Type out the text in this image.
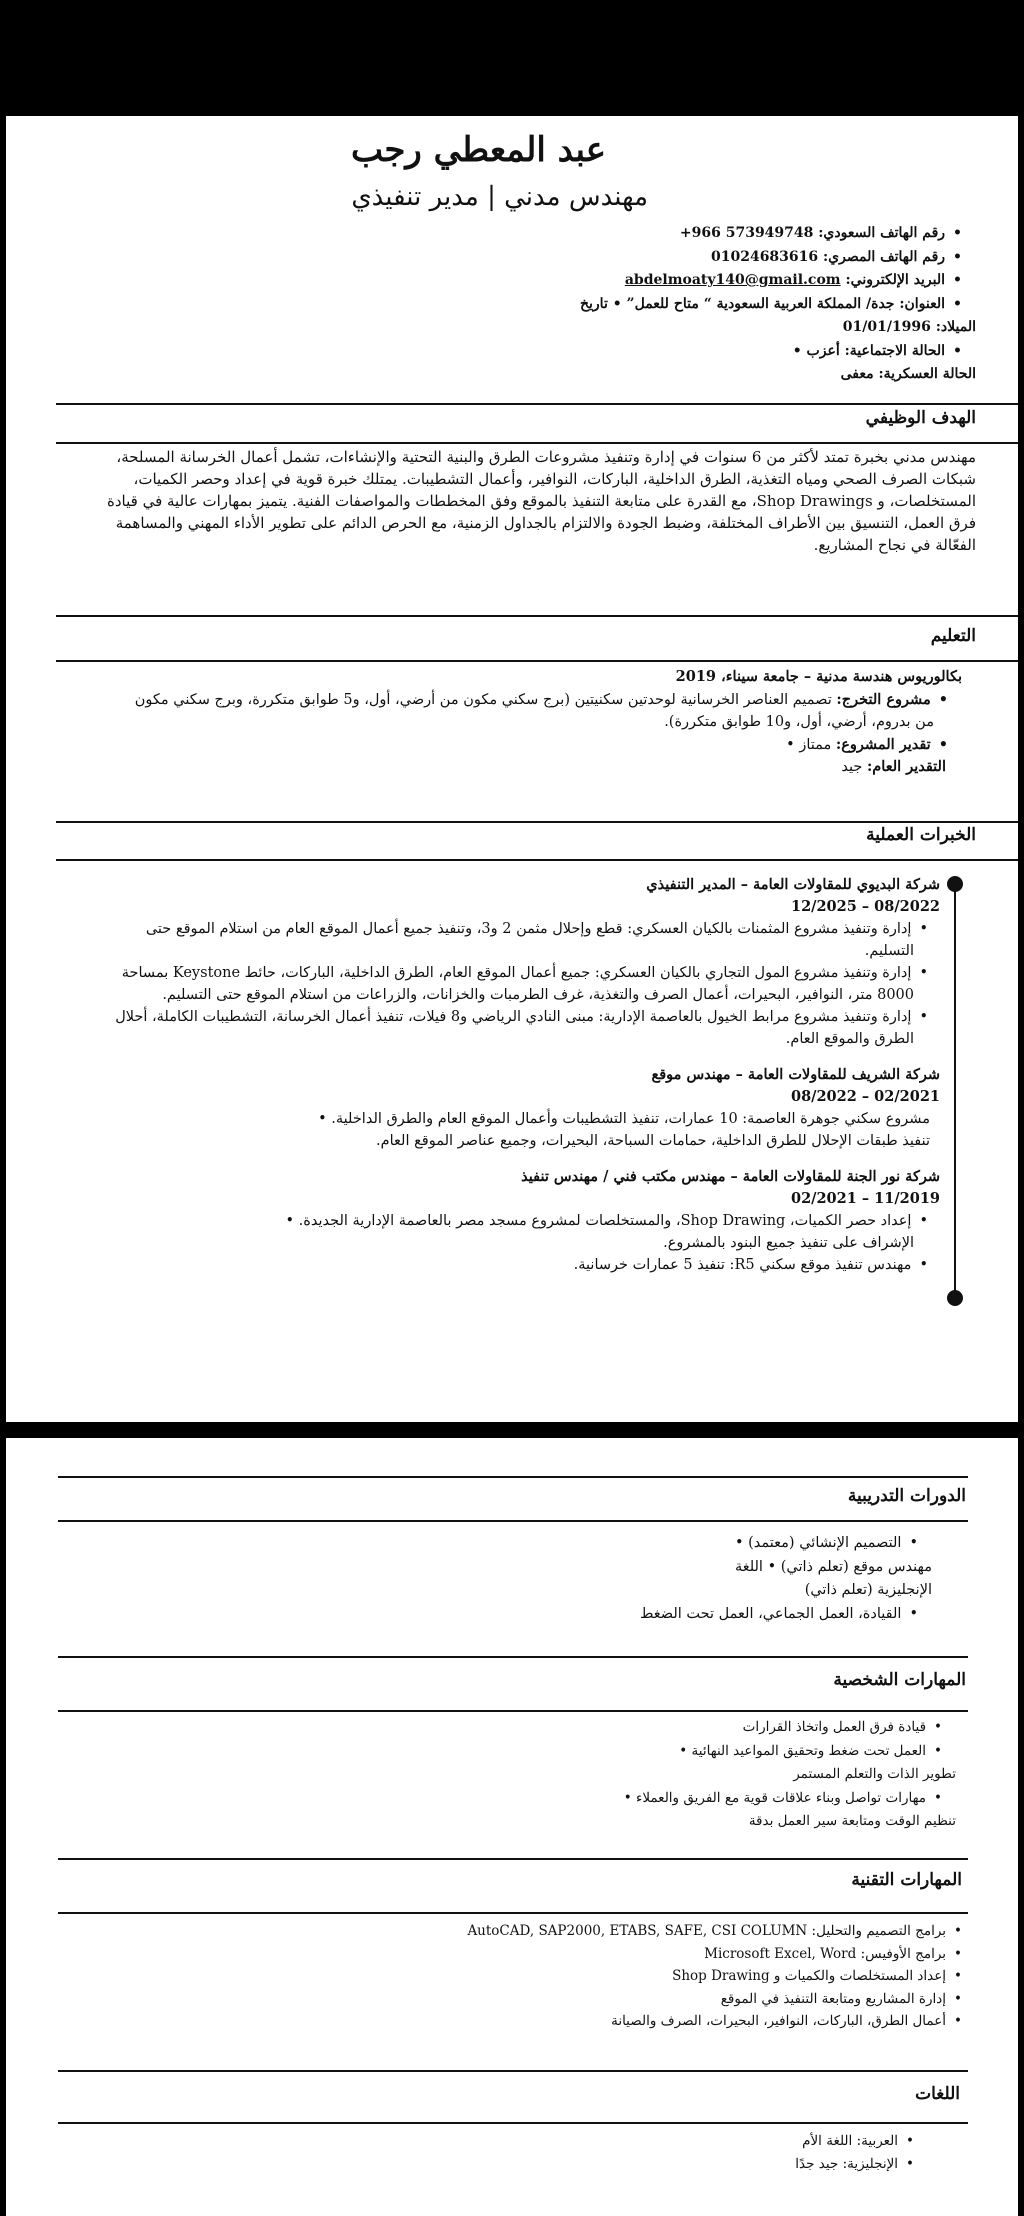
عبد المعطي رجب
مهندس مدني | مدير تنفيذي
• رقم الهاتف السعودي: +966 573949748
• رقم الهاتف المصري: 01024683616
• البريد الإلكتروني: abdelmoaty140@gmail.com
• العنوان: جدة/ المملكة العربية السعودية “ متاح للعمل” • تاريخ
الميلاد: 01/01/1996
• الحالة الاجتماعية: أعزب •
الحالة العسكرية: معفى
الهدف الوظيفي
مهندس مدني بخبرة تمتد لأكثر من 6 سنوات في إدارة وتنفيذ مشروعات الطرق والبنية التحتية والإنشاءات، تشمل أعمال الخرسانة المسلحة،
شبكات الصرف الصحي ومياه التغذية، الطرق الداخلية، الباركات، النوافير، وأعمال التشطيبات. يمتلك خبرة قوية في إعداد وحصر الكميات،
المستخلصات، و Shop Drawings، مع القدرة على متابعة التنفيذ بالموقع وفق المخططات والمواصفات الفنية. يتميز بمهارات عالية في قيادة
فرق العمل، التنسيق بين الأطراف المختلفة، وضبط الجودة والالتزام بالجداول الزمنية، مع الحرص الدائم على تطوير الأداء المهني والمساهمة
الفعّالة في نجاح المشاريع.
التعليم
بكالوريوس هندسة مدنية – جامعة سيناء، 2019
• مشروع التخرج: تصميم العناصر الخرسانية لوحدتين سكنيتين (برج سكني مكون من أرضي، أول، و5 طوابق متكررة، وبرج سكني مكون
من بدروم، أرضي، أول، و10 طوابق متكررة).
• تقدير المشروع: ممتاز •
التقدير العام: جيد
الخبرات العملية
شركة البديوي للمقاولات العامة – المدير التنفيذي
12/2025 – 08/2022
• إدارة وتنفيذ مشروع المثمنات بالكيان العسكري: قطع وإحلال مثمن 2 و3، وتنفيذ جميع أعمال الموقع العام من استلام الموقع حتى
التسليم.
• إدارة وتنفيذ مشروع المول التجاري بالكيان العسكري: جميع أعمال الموقع العام، الطرق الداخلية، الباركات، حائط Keystone بمساحة
8000 متر، النوافير، البحيرات، أعمال الصرف والتغذية، غرف الطرمبات والخزانات، والزراعات من استلام الموقع حتى التسليم.
• إدارة وتنفيذ مشروع مرابط الخيول بالعاصمة الإدارية: مبنى النادي الرياضي و8 فيلات، تنفيذ أعمال الخرسانة، التشطيبات الكاملة، أحلال
الطرق والموقع العام.
شركة الشريف للمقاولات العامة – مهندس موقع
08/2022 – 02/2021
مشروع سكني جوهرة العاصمة: 10 عمارات، تنفيذ التشطيبات وأعمال الموقع العام والطرق الداخلية. •
تنفيذ طبقات الإحلال للطرق الداخلية، حمامات السباحة، البحيرات، وجميع عناصر الموقع العام.
شركة نور الجنة للمقاولات العامة – مهندس مكتب فني / مهندس تنفيذ
02/2021 – 11/2019
• إعداد حصر الكميات، Shop Drawing، والمستخلصات لمشروع مسجد مصر بالعاصمة الإدارية الجديدة. •
الإشراف على تنفيذ جميع البنود بالمشروع.
• مهندس تنفيذ موقع سكني R5: تنفيذ 5 عمارات خرسانية.
الدورات التدريبية
• التصميم الإنشائي (معتمد) •
مهندس موقع (تعلم ذاتي) • اللغة
الإنجليزية (تعلم ذاتي)
• القيادة، العمل الجماعي، العمل تحت الضغط
المهارات الشخصية
• قيادة فرق العمل واتخاذ القرارات
• العمل تحت ضغط وتحقيق المواعيد النهائية •
تطوير الذات والتعلم المستمر
• مهارات تواصل وبناء علاقات قوية مع الفريق والعملاء •
تنظيم الوقت ومتابعة سير العمل بدقة
المهارات التقنية
• برامج التصميم والتحليل: AutoCAD, SAP2000, ETABS, SAFE, CSI COLUMN
• برامج الأوفيس: Microsoft Excel, Word
• إعداد المستخلصات والكميات و Shop Drawing
• إدارة المشاريع ومتابعة التنفيذ في الموقع
• أعمال الطرق، الباركات، النوافير، البحيرات، الصرف والصيانة
اللغات
• العربية: اللغة الأم
• الإنجليزية: جيد جدًا
